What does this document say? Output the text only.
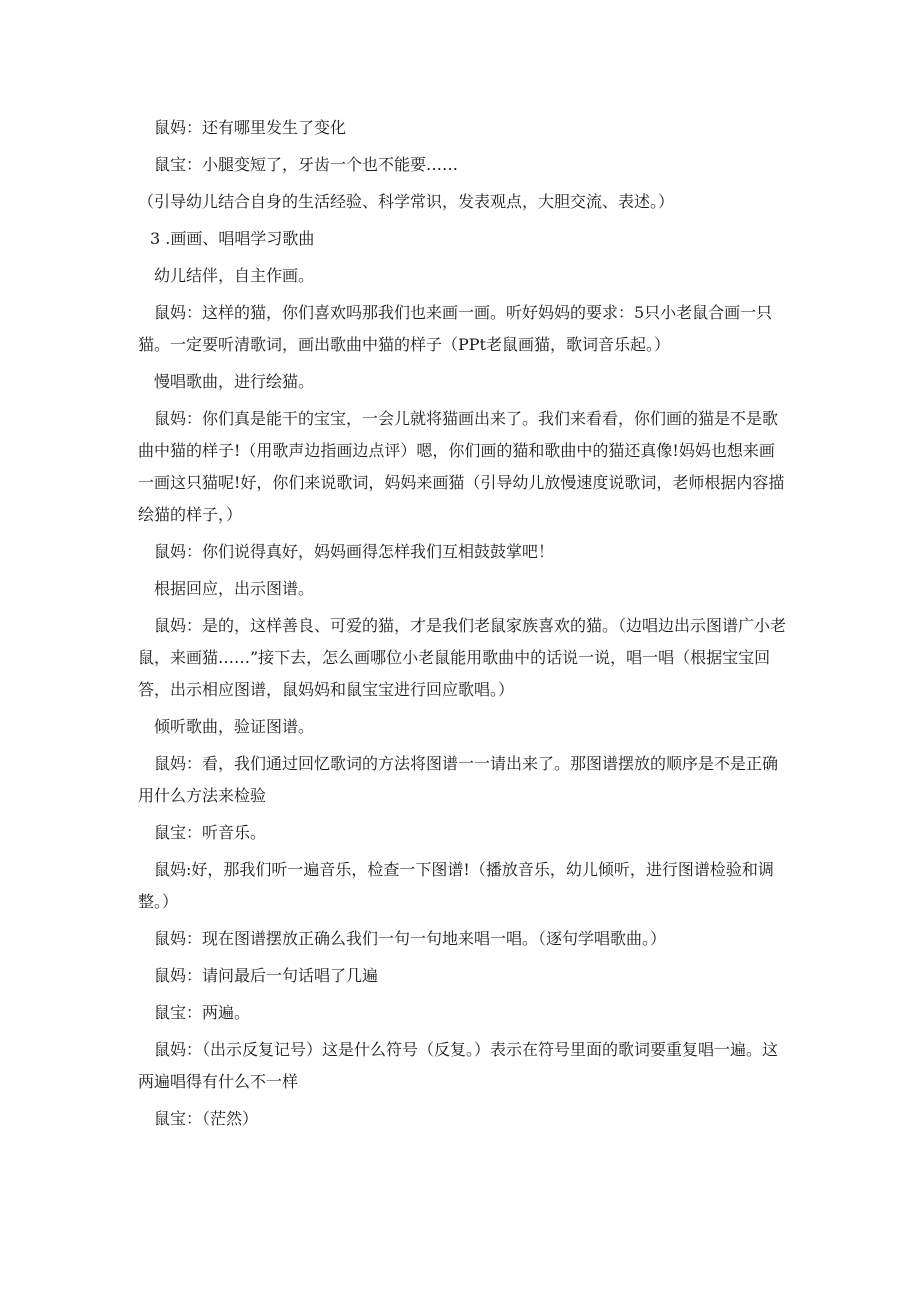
鼠妈：还有哪里发生了变化

鼠宝：小腿变短了，牙齿一个也不能要……

（引导幼儿结合自身的生活经验、科学常识，发表观点，大胆交流、表述。）

3 .画画、唱唱学习歌曲

幼儿结伴，自主作画。

鼠妈：这样的猫，你们喜欢吗那我们也来画一画。听好妈妈的要求：5只小老鼠合画一只猫。一定要听清歌词，画出歌曲中猫的样子（PPt老鼠画猫，歌词音乐起。）

慢唱歌曲，进行绘猫。

鼠妈：你们真是能干的宝宝，一会儿就将猫画出来了。我们来看看，你们画的猫是不是歌曲中猫的样子!（用歌声边指画边点评）嗯，你们画的猫和歌曲中的猫还真像!妈妈也想来画一画这只猫呢!好，你们来说歌词，妈妈来画猫（引导幼儿放慢速度说歌词，老师根据内容描绘猫的样子，）

鼠妈：你们说得真好，妈妈画得怎样我们互相鼓鼓掌吧！

根据回应，出示图谱。

鼠妈：是的，这样善良、可爱的猫，才是我们老鼠家族喜欢的猫。（边唱边出示图谱广小老鼠，来画猫……”接下去，怎么画哪位小老鼠能用歌曲中的话说一说，唱一唱（根据宝宝回答，出示相应图谱，鼠妈妈和鼠宝宝进行回应歌唱。）

倾听歌曲，验证图谱。

鼠妈：看，我们通过回忆歌词的方法将图谱一一请出来了。那图谱摆放的顺序是不是正确用什么方法来检验

鼠宝：听音乐。

鼠妈:好，那我们听一遍音乐，检查一下图谱!（播放音乐，幼儿倾听，进行图谱检验和调整。）

鼠妈：现在图谱摆放正确么我们一句一句地来唱一唱。（逐句学唱歌曲。）

鼠妈：请问最后一句话唱了几遍

鼠宝：两遍。

鼠妈：（出示反复记号）这是什么符号（反复。）表示在符号里面的歌词要重复唱一遍。这两遍唱得有什么不一样

鼠宝：（茫然）
